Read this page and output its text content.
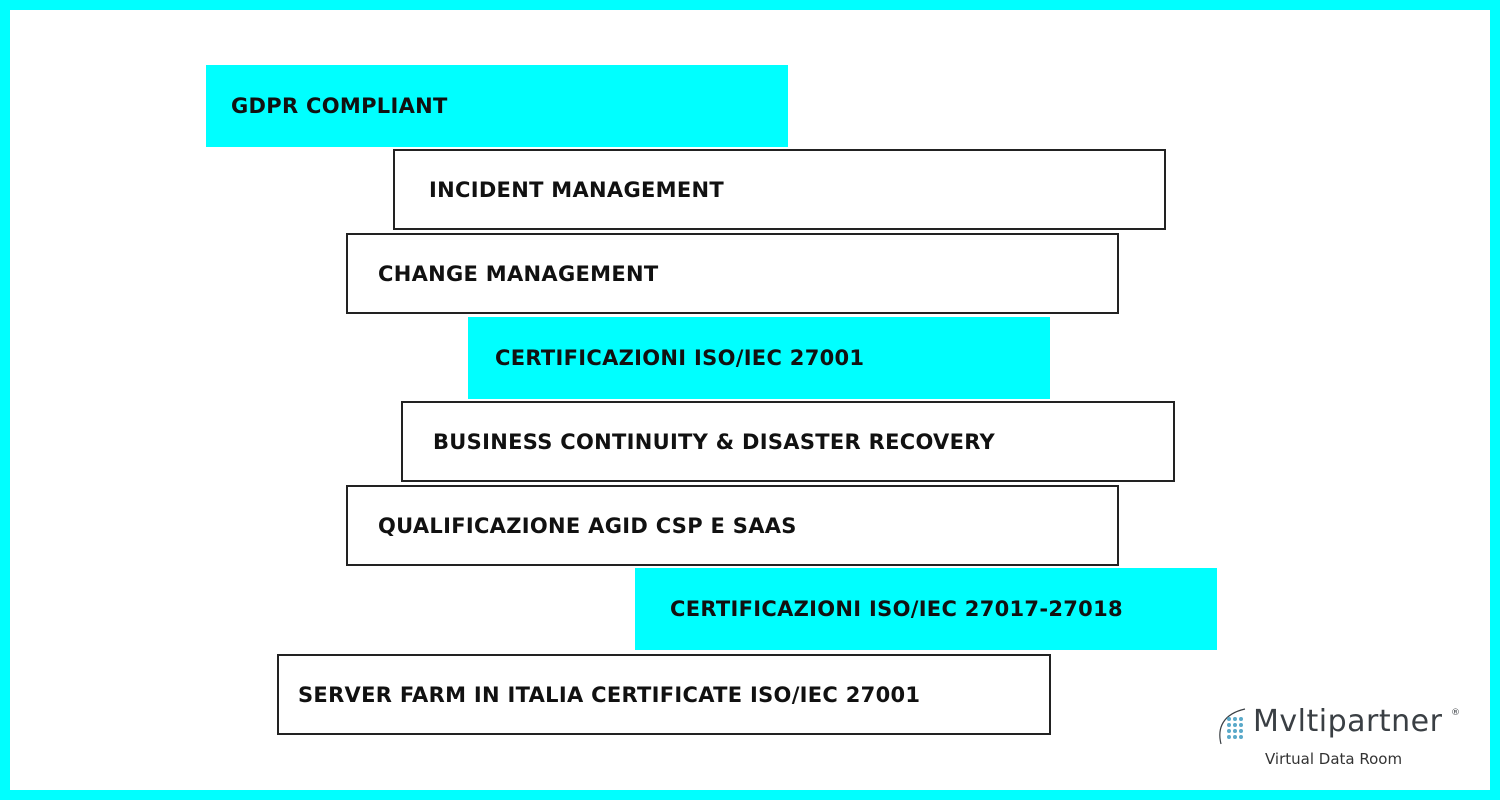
GDPR COMPLIANT
INCIDENT MANAGEMENT
CHANGE MANAGEMENT
CERTIFICAZIONI ISO/IEC 27001
BUSINESS CONTINUITY & DISASTER RECOVERY
QUALIFICAZIONE AGID CSP E SAAS
CERTIFICAZIONI ISO/IEC 27017-27018
SERVER FARM IN ITALIA CERTIFICATE ISO/IEC 27001
Mvltipartner ®
Virtual Data Room
